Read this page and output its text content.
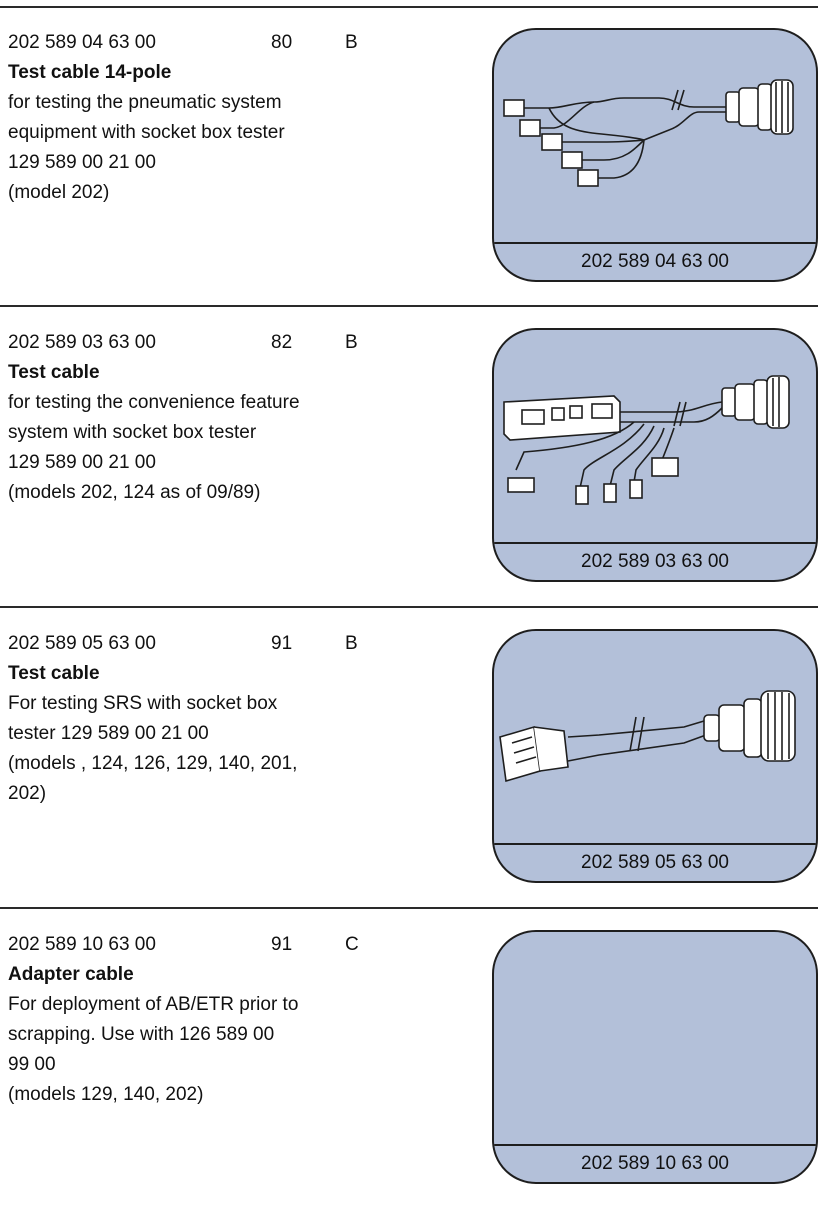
202 589 04 63 00	80	B
Test cable 14-pole
for testing the pneumatic system
equipment with socket box tester
129 589 00 21 00
(model 202)
202 589 04 63 00
202 589 03 63 00	82	B
Test cable
for testing the convenience feature
system with socket box tester
129 589 00 21 00
(models 202, 124 as of 09/89)
202 589 03 63 00
202 589 05 63 00	91	B
Test cable
For testing SRS with socket box
tester 129 589 00 21 00
(models , 124, 126, 129, 140, 201,
202)
202 589 05 63 00
202 589 10 63 00	91	C
Adapter cable
For deployment of AB/ETR prior to
scrapping. Use with 126 589 00
99 00
(models 129, 140, 202)
202 589 10 63 00
